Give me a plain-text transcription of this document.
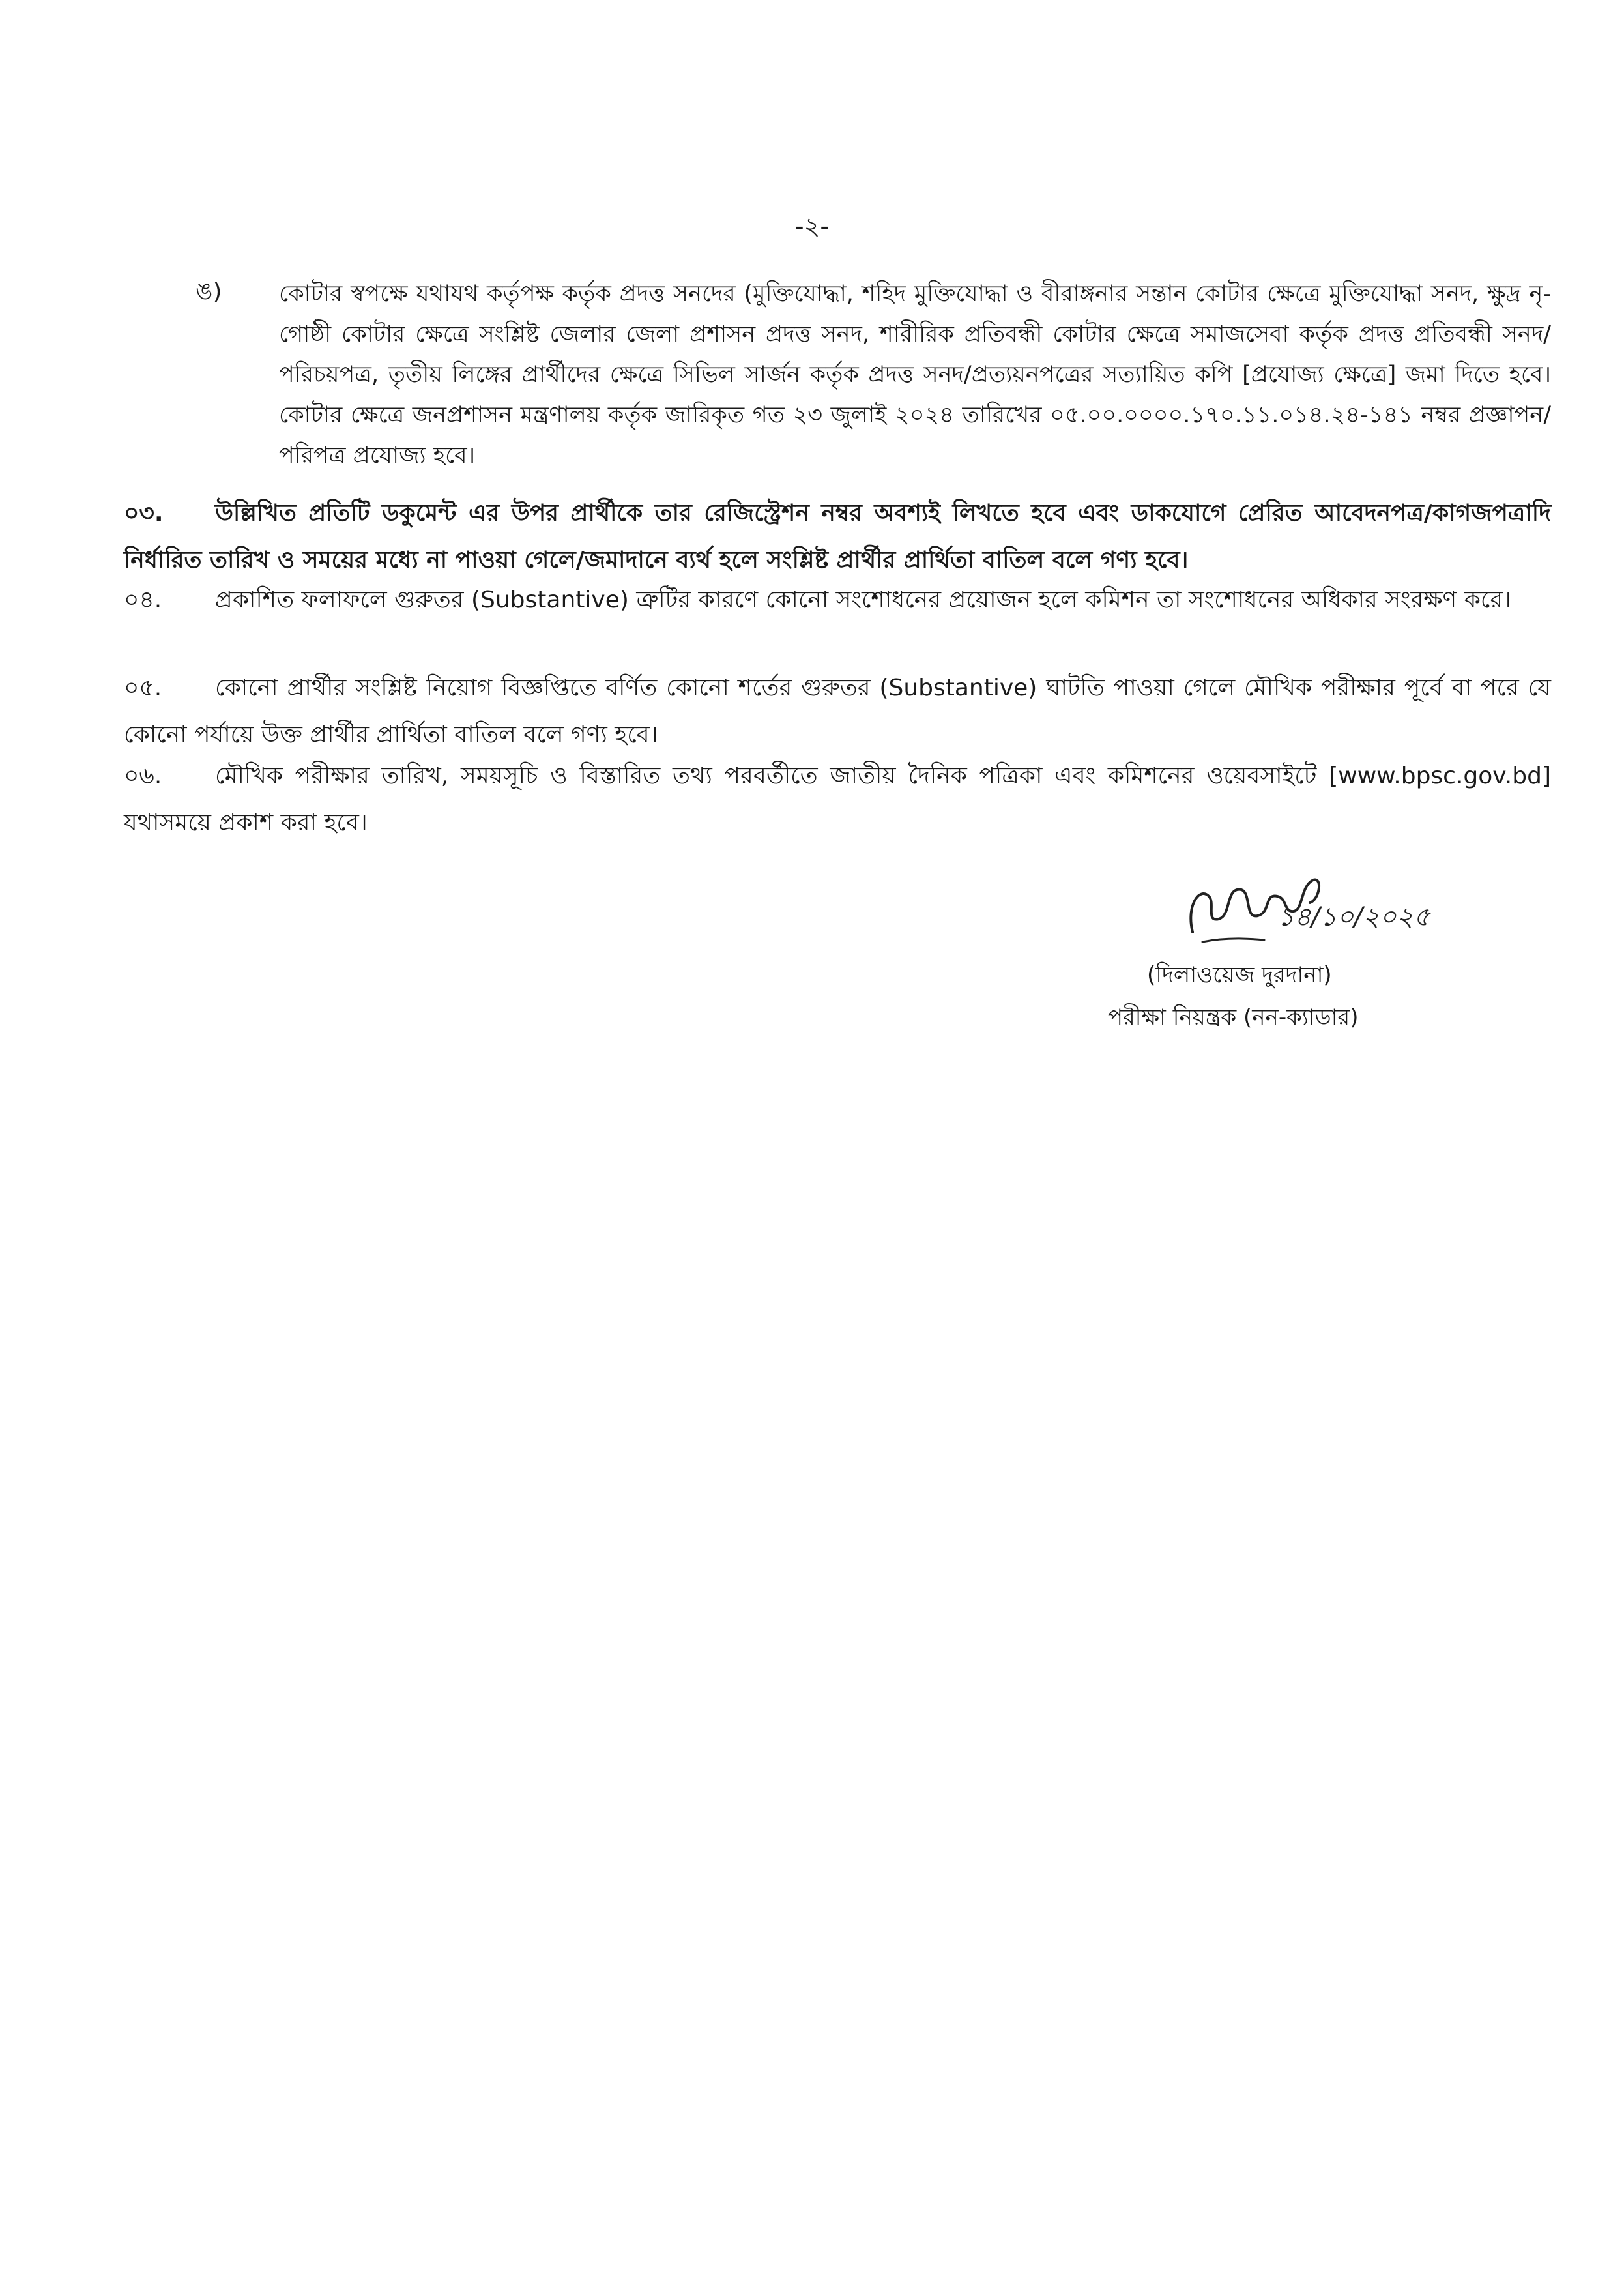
-২-
ঙ)	কোটার স্বপক্ষে যথাযথ কর্তৃপক্ষ কর্তৃক প্রদত্ত সনদের (মুক্তিযোদ্ধা, শহিদ মুক্তিযোদ্ধা ও বীরাঙ্গনার সন্তান কোটার ক্ষেত্রে মুক্তিযোদ্ধা সনদ, ক্ষুদ্র নৃ-গোষ্ঠী কোটার ক্ষেত্রে সংশ্লিষ্ট জেলার জেলা প্রশাসন প্রদত্ত সনদ, শারীরিক প্রতিবন্ধী কোটার ক্ষেত্রে সমাজসেবা কর্তৃক প্রদত্ত প্রতিবন্ধী সনদ/পরিচয়পত্র, তৃতীয় লিঙ্গের প্রার্থীদের ক্ষেত্রে সিভিল সার্জন কর্তৃক প্রদত্ত সনদ/প্রত্যয়নপত্রের সত্যায়িত কপি [প্রযোজ্য ক্ষেত্রে] জমা দিতে হবে। কোটার ক্ষেত্রে জনপ্রশাসন মন্ত্রণালয় কর্তৃক জারিকৃত গত ২৩ জুলাই ২০২৪ তারিখের ০৫.০০.০০০০.১৭০.১১.০১৪.২৪-১৪১ নম্বর প্রজ্ঞাপন/পরিপত্র প্রযোজ্য হবে।
০৩. উল্লিখিত প্রতিটি ডকুমেন্ট এর উপর প্রার্থীকে তার রেজিস্ট্রেশন নম্বর অবশ্যই লিখতে হবে এবং ডাকযোগে প্রেরিত আবেদনপত্র/কাগজপত্রাদি নির্ধারিত তারিখ ও সময়ের মধ্যে না পাওয়া গেলে/জমাদানে ব্যর্থ হলে সংশ্লিষ্ট প্রার্থীর প্রার্থিতা বাতিল বলে গণ্য হবে।
০৪. প্রকাশিত ফলাফলে গুরুতর (Substantive) ত্রুটির কারণে কোনো সংশোধনের প্রয়োজন হলে কমিশন তা সংশোধনের অধিকার সংরক্ষণ করে।
০৫. কোনো প্রার্থীর সংশ্লিষ্ট নিয়োগ বিজ্ঞপ্তিতে বর্ণিত কোনো শর্তের গুরুতর (Substantive) ঘাটতি পাওয়া গেলে মৌখিক পরীক্ষার পূর্বে বা পরে যে কোনো পর্যায়ে উক্ত প্রার্থীর প্রার্থিতা বাতিল বলে গণ্য হবে।
০৬. মৌখিক পরীক্ষার তারিখ, সময়সূচি ও বিস্তারিত তথ্য পরবর্তীতে জাতীয় দৈনিক পত্রিকা এবং কমিশনের ওয়েবসাইটে [www.bpsc.gov.bd] যথাসময়ে প্রকাশ করা হবে।
১৪/১০/২০২৫
(দিলাওয়েজ দুরদানা)
পরীক্ষা নিয়ন্ত্রক (নন-ক্যাডার)
